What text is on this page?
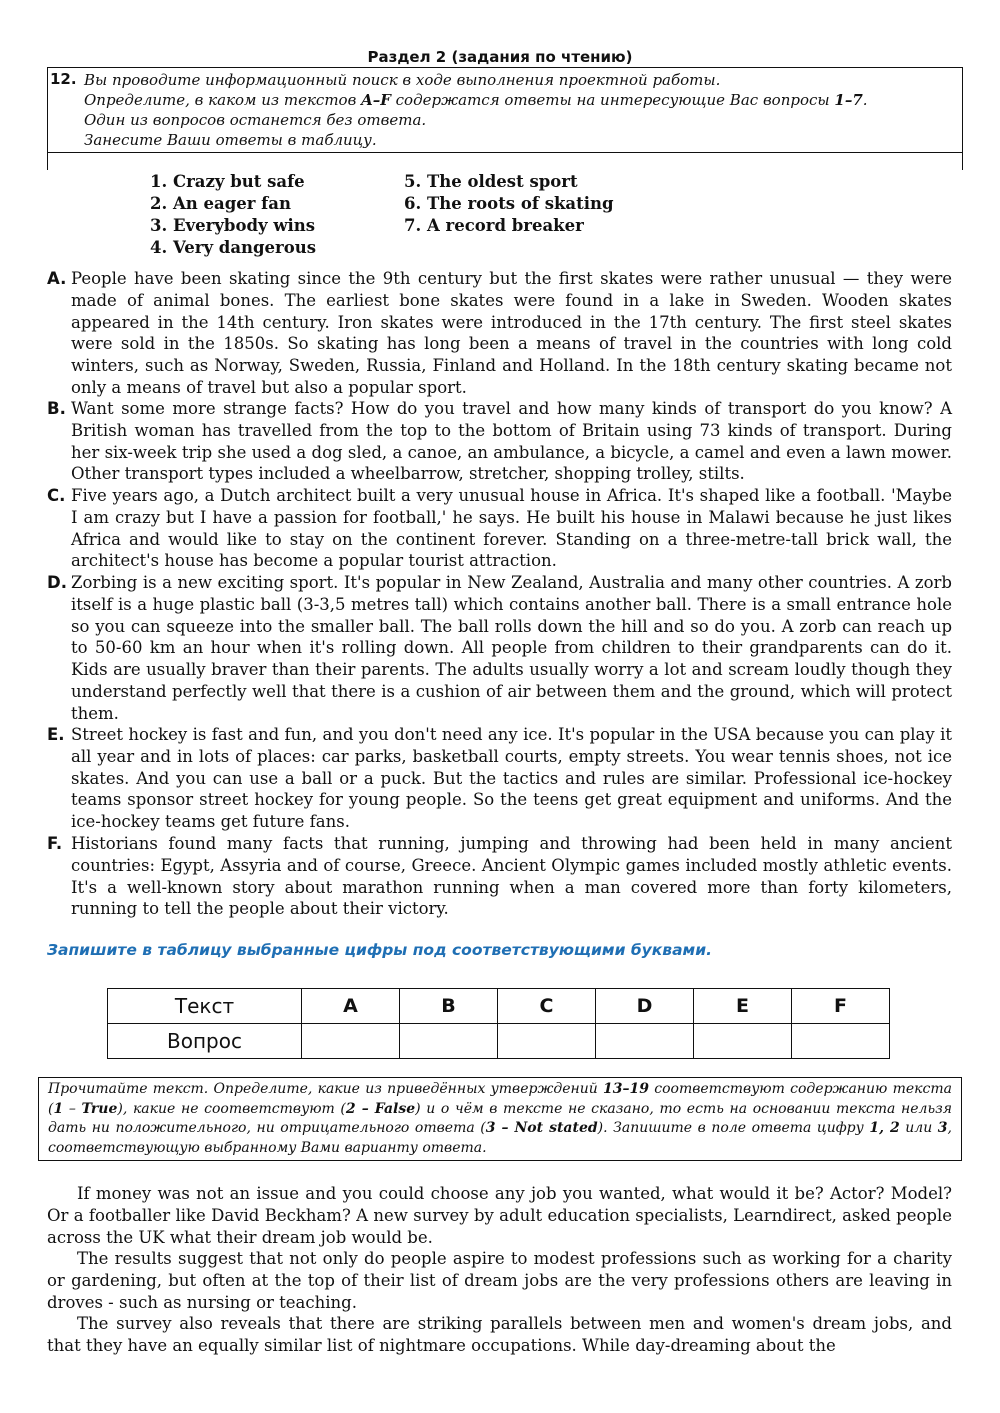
Раздел 2 (задания по чтению)
12. Вы проводите информационный поиск в ходе выполнения проектной работы.
Определите, в каком из текстов A–F содержатся ответы на интересующие Вас вопросы 1–7.
Один из вопросов останется без ответа.
Занесите Ваши ответы в таблицу.
1. Crazy but safe
2. An eager fan
3. Everybody wins
4. Very dangerous
5. The oldest sport
6. The roots of skating
7. A record breaker
A. People have been skating since the 9th century but the first skates were rather unusual — they were made of animal bones. The earliest bone skates were found in a lake in Sweden. Wooden skates appeared in the 14th century. Iron skates were introduced in the 17th century. The first steel skates were sold in the 1850s. So skating has long been a means of travel in the countries with long cold winters, such as Norway, Sweden, Russia, Finland and Holland. In the 18th century skating became not only a means of travel but also a popular sport.
B. Want some more strange facts? How do you travel and how many kinds of transport do you know? A British woman has travelled from the top to the bottom of Britain using 73 kinds of transport. During her six-week trip she used a dog sled, a canoe, an ambulance, a bicycle, a camel and even a lawn mower. Other transport types included a wheelbarrow, stretcher, shopping trolley, stilts.
C. Five years ago, a Dutch architect built a very unusual house in Africa. It's shaped like a football. 'Maybe I am crazy but I have a passion for football,' he says. He built his house in Malawi because he just likes Africa and would like to stay on the continent forever. Standing on a three-metre-tall brick wall, the architect's house has become a popular tourist attraction.
D. Zorbing is a new exciting sport. It's popular in New Zealand, Australia and many other countries. A zorb itself is a huge plastic ball (3-3,5 metres tall) which contains another ball. There is a small entrance hole so you can squeeze into the smaller ball. The ball rolls down the hill and so do you. A zorb can reach up to 50-60 km an hour when it's rolling down. All people from children to their grandparents can do it. Kids are usually braver than their parents. The adults usually worry a lot and scream loudly though they understand perfectly well that there is a cushion of air between them and the ground, which will protect them.
E. Street hockey is fast and fun, and you don't need any ice. It's popular in the USA because you can play it all year and in lots of places: car parks, basketball courts, empty streets. You wear tennis shoes, not ice skates. And you can use a ball or a puck. But the tactics and rules are similar. Professional ice-hockey teams sponsor street hockey for young people. So the teens get great equipment and uniforms. And the ice-hockey teams get future fans.
F. Historians found many facts that running, jumping and throwing had been held in many ancient countries: Egypt, Assyria and of course, Greece. Ancient Olympic games included mostly athletic events. It's a well-known story about marathon running when a man covered more than forty kilometers, running to tell the people about their victory.
Запишите в таблицу выбранные цифры под соответствующими буквами.
Текст	A	B	C	D	E	F
Вопрос						
Прочитайте текст. Определите, какие из приведённых утверждений 13–19 соответствуют содержанию текста (1 – True), какие не соответствуют (2 – False) и о чём в тексте не сказано, то есть на основании текста нельзя дать ни положительного, ни отрицательного ответа (3 – Not stated). Запишите в поле ответа цифру 1, 2 или 3, соответствующую выбранному Вами варианту ответа.
If money was not an issue and you could choose any job you wanted, what would it be? Actor? Model? Or a footballer like David Beckham? A new survey by adult education specialists, Learndirect, asked people across the UK what their dream job would be.
The results suggest that not only do people aspire to modest professions such as working for a charity or gardening, but often at the top of their list of dream jobs are the very professions others are leaving in droves - such as nursing or teaching.
The survey also reveals that there are striking parallels between men and women's dream jobs, and that they have an equally similar list of nightmare occupations. While day-dreaming about the
